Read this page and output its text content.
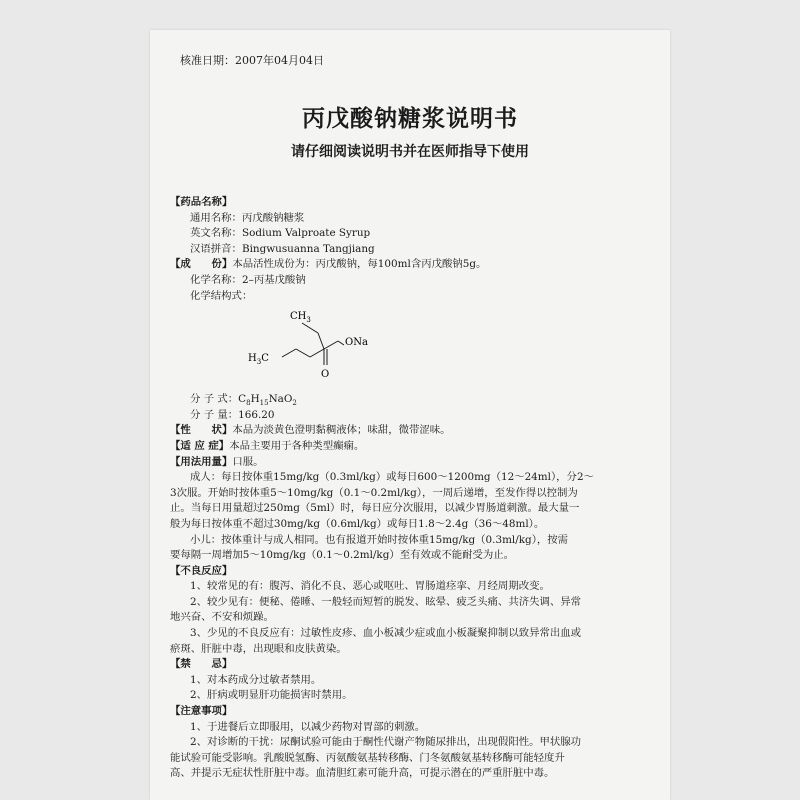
核准日期：2007年04月04日
丙戊酸钠糖浆说明书
请仔细阅读说明书并在医师指导下使用
$CH_3$
$H_3C$
ONa
O

【药品名称】

通用名称：丙戊酸钠糖浆

英文名称：Sodium Valproate Syrup

汉语拼音：Bingwusuanna Tangjiang

【成　　份】本品活性成份为：丙戊酸钠，每100ml含丙戊酸钠5g。

化学名称：2–丙基戊酸钠

化学结构式：

分 子 式：$C_8H_{15}NaO_2$

分 子 量：166.20

【性　　状】本品为淡黄色澄明黏稠液体；味甜，微带涩味。

【适 应 症】本品主要用于各种类型癫痫。

【用法用量】口服。

成人：每日按体重15mg/kg（0.3ml/kg）或每日600～1200mg（12～24ml），分2～

3次服。开始时按体重5～10mg/kg（0.1～0.2ml/kg），一周后递增，至发作得以控制为

止。当每日用量超过250mg（5ml）时，每日应分次服用，以减少胃肠道刺激。最大量一

般为每日按体重不超过30mg/kg（0.6ml/kg）或每日1.8～2.4g（36～48ml）。

小儿：按体重计与成人相同。也有报道开始时按体重15mg/kg（0.3ml/kg），按需

要每隔一周增加5～10mg/kg（0.1～0.2ml/kg）至有效或不能耐受为止。

【不良反应】

1、较常见的有：腹泻、消化不良、恶心或呕吐、胃肠道痉挛、月经周期改变。

2、较少见有：便秘、倦睡、一般轻而短暂的脱发、眩晕、疲乏头痛、共济失调、异常

地兴奋、不安和烦躁。

3、少见的不良反应有：过敏性皮疹、血小板减少症或血小板凝聚抑制以致异常出血或

瘀斑、肝脏中毒，出现眼和皮肤黄染。

【禁　　忌】

1、对本药成分过敏者禁用。

2、肝病或明显肝功能损害时禁用。

【注意事项】

1、于进餐后立即服用，以减少药物对胃部的刺激。

2、对诊断的干扰：尿酮试验可能由于酮性代谢产物随尿排出，出现假阳性。甲状腺功

能试验可能受影响。乳酸脱氢酶、丙氨酸氨基转移酶、门冬氨酸氨基转移酶可能轻度升

高、并提示无症状性肝脏中毒。血清胆红素可能升高，可提示潜在的严重肝脏中毒。
